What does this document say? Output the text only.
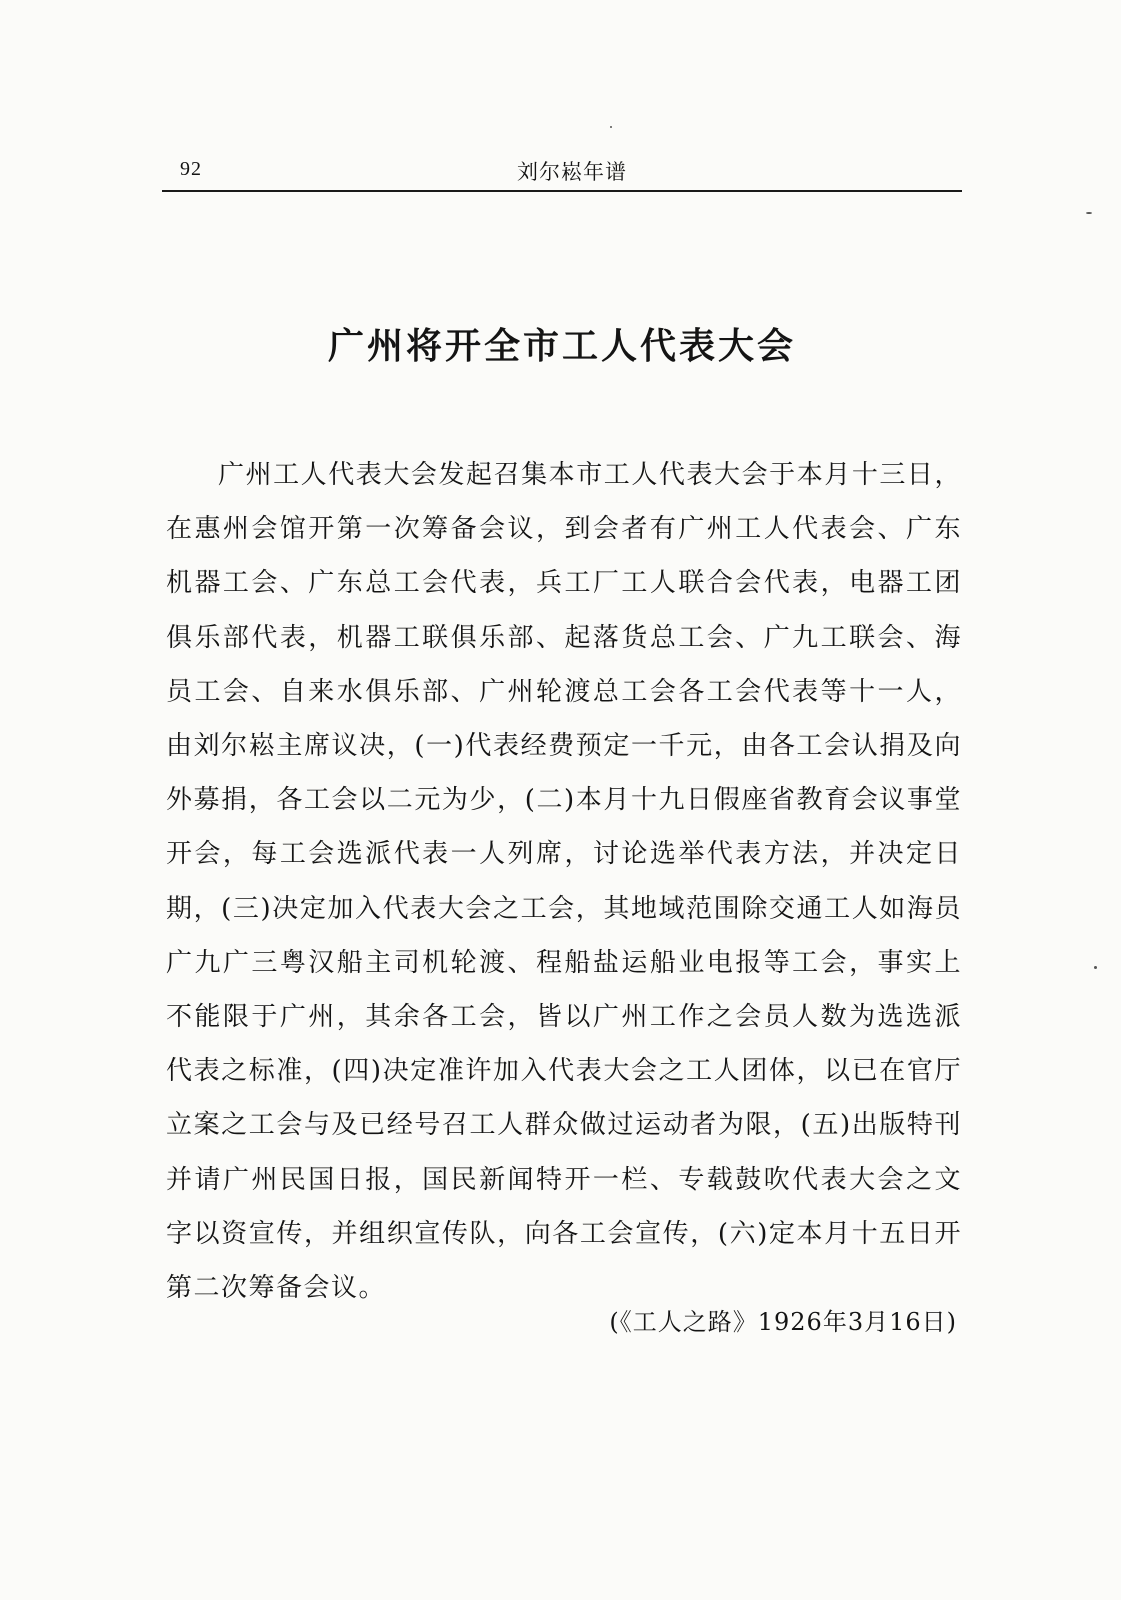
92	刘尔崧年谱
广州将开全市工人代表大会

广州工人代表大会发起召集本市工人代表大会于本月十三日，在惠州会馆开第一次筹备会议，到会者有广州工人代表会、广东机器工会、广东总工会代表，兵工厂工人联合会代表，电器工团俱乐部代表，机器工联俱乐部、起落货总工会、广九工联会、海员工会、自来水俱乐部、广州轮渡总工会各工会代表等十一人，由刘尔崧主席议决，(一)代表经费预定一千元，由各工会认捐及向外募捐，各工会以二元为少，(二)本月十九日假座省教育会议事堂开会，每工会选派代表一人列席，讨论选举代表方法，并决定日期，(三)决定加入代表大会之工会，其地域范围除交通工人如海员广九广三粤汉船主司机轮渡、程船盐运船业电报等工会，事实上不能限于广州，其余各工会，皆以广州工作之会员人数为选选派代表之标准，(四)决定准许加入代表大会之工人团体，以已在官厅立案之工会与及已经号召工人群众做过运动者为限，(五)出版特刊并请广州民国日报，国民新闻特开一栏、专载鼓吹代表大会之文字以资宣传，并组织宣传队，向各工会宣传，(六)定本月十五日开第二次筹备会议。

(《工人之路》1926年3月16日)
